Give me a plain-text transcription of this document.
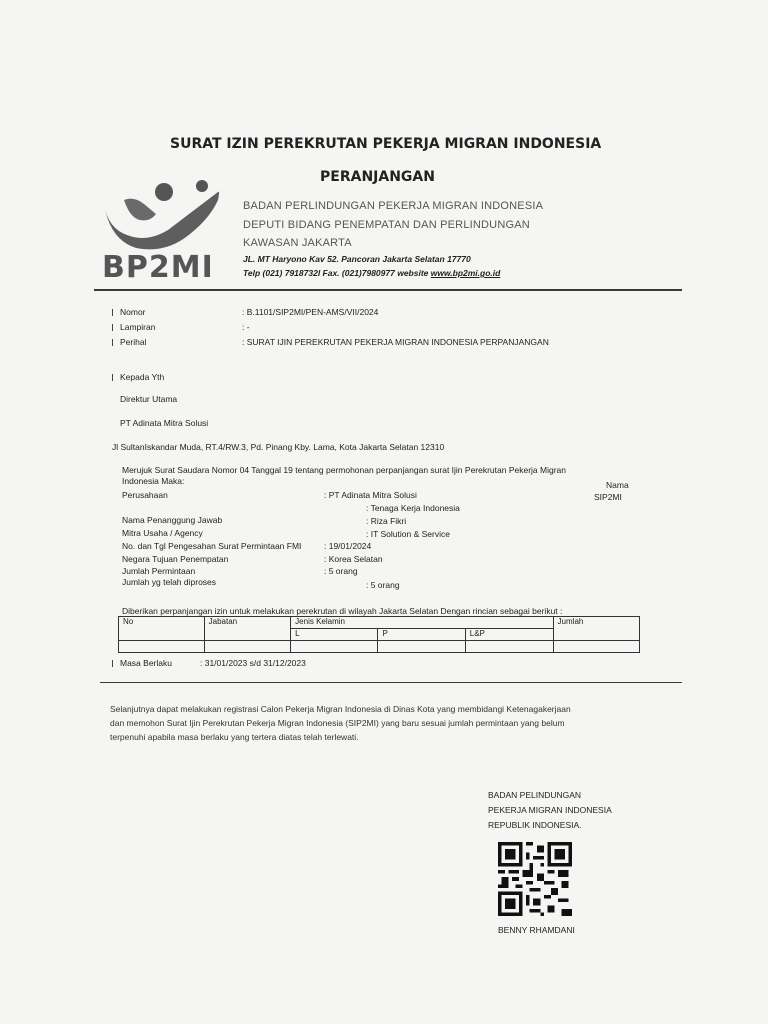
SURAT IZIN PEREKRUTAN PEKERJA MIGRAN INDONESIA
PERANJANGAN
BP2MI
BADAN PERLINDUNGAN PEKERJA MIGRAN INDONESIA
DEPUTI BIDANG PENEMPATAN DAN PERLINDUNGAN
KAWASAN JAKARTA
JL. MT Haryono Kav 52. Pancoran Jakarta Selatan 17770
Telp (021) 7918732l Fax. (021)7980977 website www.bp2mi.go.id
Nomor	: B.1101/SIP2MI/PEN-AMS/VII/2024
Lampiran	: -
Perihal	: SURAT IJIN PEREKRUTAN PEKERJA MIGRAN INDONESIA PERPANJANGAN
Kepada Yth
Direktur Utama
PT Adinata Mitra Solusi
Jl SultanIskandar Muda, RT.4/RW.3, Pd. Pinang Kby. Lama, Kota Jakarta Selatan 12310
Merujuk Surat Saudara Nomor 04 Tanggal 19 tentang permohonan perpanjangan surat Ijin Perekrutan Pekerja Migran
Indonesia Maka:	Nama
SIP2MI
Perusahaan	: PT Adinata Mitra Solusi
: Tenaga Kerja Indonesia
Nama Penanggung Jawab	: Riza Fikri
Mitra Usaha / Agency	: IT Solution & Service
No. dan Tgl Pengesahan Surat Permintaan FMI	: 19/01/2024
Negara Tujuan Penempatan	: Korea Selatan
Jumlah Permintaan	: 5 orang
Jumlah yg telah diproses	: 5 orang
Diberikan perpanjangan izin untuk melakukan perekrutan di wilayah Jakarta Selatan Dengan rincian sebagai berikut :
No	Jabatan	Jenis Kelamin			Jumlah
		L	P	L&P	

Masa Berlaku	: 31/01/2023 s/d 31/12/2023
Selanjutnya dapat melakukan registrasi Calon Pekerja Migran Indonesia di Dinas Kota yang membidangi Ketenagakerjaan
dan memohon Surat Ijin Perekrutan Pekerja Migran Indonesia (SIP2MI) yang baru sesuai jumlah permintaan yang belum
terpenuhi apabila masa berlaku yang tertera diatas telah terlewati.
BADAN PELINDUNGAN
PEKERJA MIGRAN INDONESIA
REPUBLIK INDONESIA.
BENNY RHAMDANI
